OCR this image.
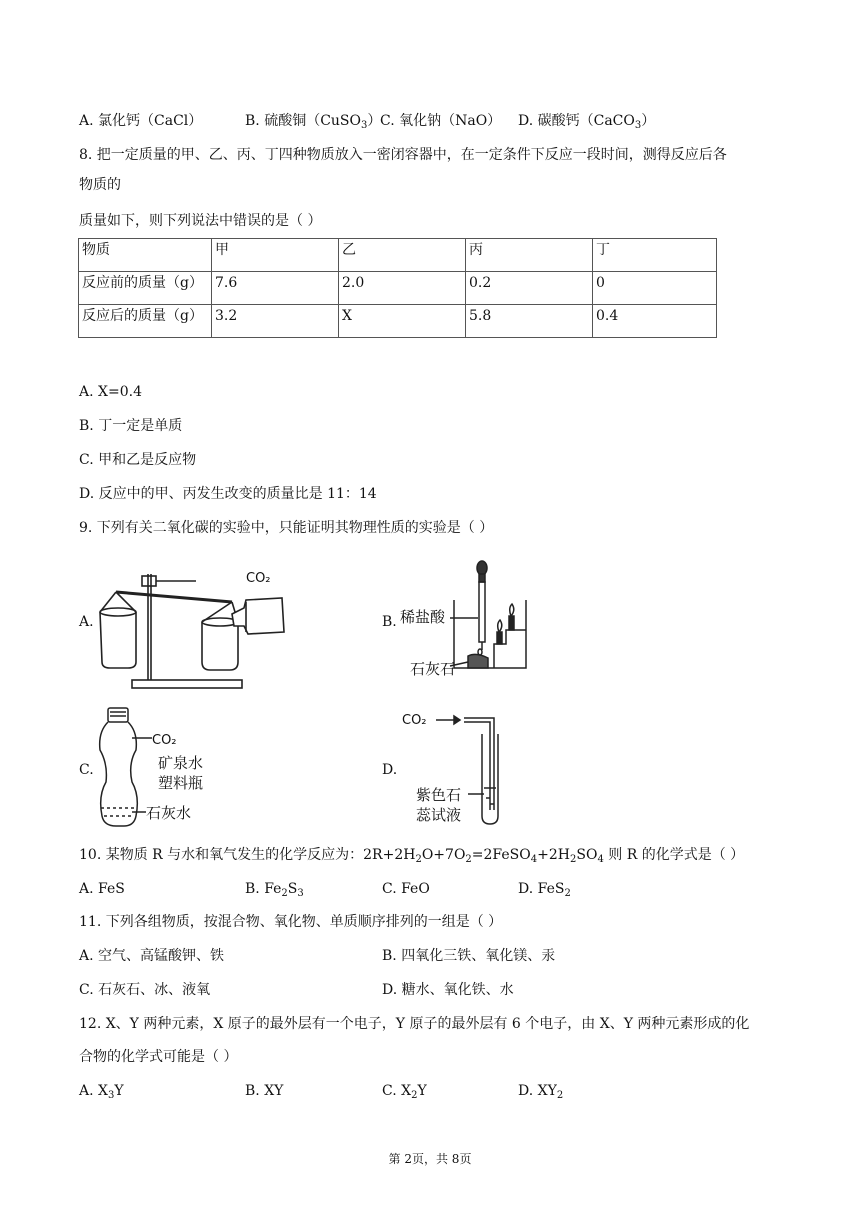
A. 氯化钙（CaCl）	B. 硫酸铜（CuSO$_3$）
C. 氧化钠（NaO） D. 碳酸钙（CaCO$_3$）
8. 把一定质量的甲、乙、丙、丁四种物质放入一密闭容器中，在一定条件下反应一段时间，测得反应后各
物质的
质量如下，则下列说法中错误的是（ ）
物质	甲	乙	丙	丁
反应前的质量（g）	7.6	2.0	0.2	0
反应后的质量（g）	3.2	X	5.8	0.4
A. X=0.4
B. 丁一定是单质
C. 甲和乙是反应物
D. 反应中的甲、丙发生改变的质量比是 11：14
9. 下列有关二氧化碳的实验中，只能证明其物理性质的实验是（ ）
A.	B.
C.	D.
CO₂
稀盐酸
石灰石
CO₂
矿泉水
塑料瓶
石灰水
CO₂
紫色石
蕊试液
10. 某物质 R 与水和氧气发生的化学反应为：$2R+2H_2O+7O_2=2FeSO_4+2H_2SO_4$ 则 R 的化学式是（ ）
A. FeS	B. $Fe_2S_3$	C. FeO	D. FeS$_2$
11. 下列各组物质，按混合物、氧化物、单质顺序排列的一组是（ ）
A. 空气、高锰酸钾、铁	B. 四氧化三铁、氧化镁、汞
C. 石灰石、冰、液氧	D. 糖水、氧化铁、水
12. X、Y 两种元素，X 原子的最外层有一个电子，Y 原子的最外层有 6 个电子，由 X、Y 两种元素形成的化
合物的化学式可能是（ ）
A. $X_3Y$	B. XY	C. $X_2Y$	D. $XY_2$
第 2页，共 8页
